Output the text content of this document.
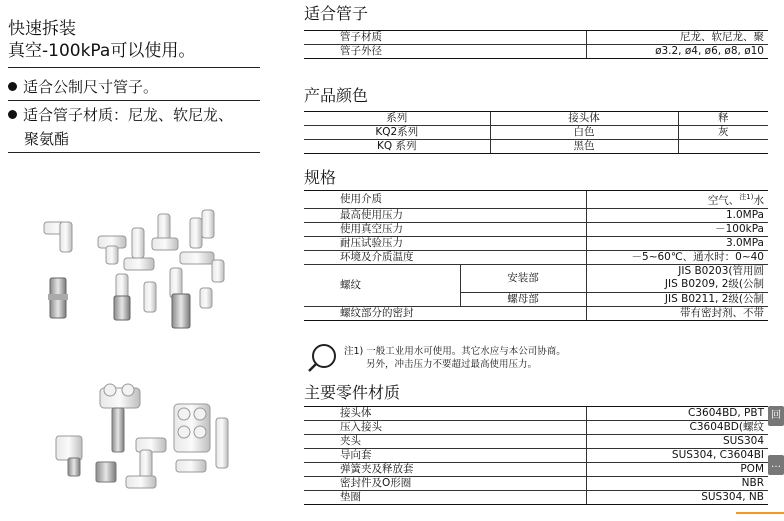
快速拆装
真空-100kPa可以使用。
适合公制尺寸管子。
适合管子材质：尼龙、软尼龙、
聚氨酯
适合管子
管子材质	尼龙、软尼龙、聚
管子外径	ø3.2, ø4, ø6, ø8, ø10
产品颜色
系列	接头体	释
KQ2系列	白色	灰
KQ 系列	黑色	
规格
使用介质		空气、$^{注1)}$水
最高使用压力		1.0MPa
使用真空压力		－100kPa
耐压试验压力		3.0MPa
环境及介质温度		－5~60℃、通水时：0~40
螺纹	安装部	JIS B0203(管用圆
		JIS B0209, 2级(公制
	螺母部	JIS B0211, 2级(公制
螺纹部分的密封		带有密封剂、不带
注1) 一般工业用水可使用。其它水应与本公司协商。
另外，冲击压力不要超过最高使用压力。
主要零件材质
接头体	C3604BD, PBT
压入接头	C3604BD(螺纹
夹头	SUS304
导向套	SUS304, C3604BI
弹簧夹及释放套	POM
密封件及O形圈	NBR
垫圈	SUS304, NB
回
…
